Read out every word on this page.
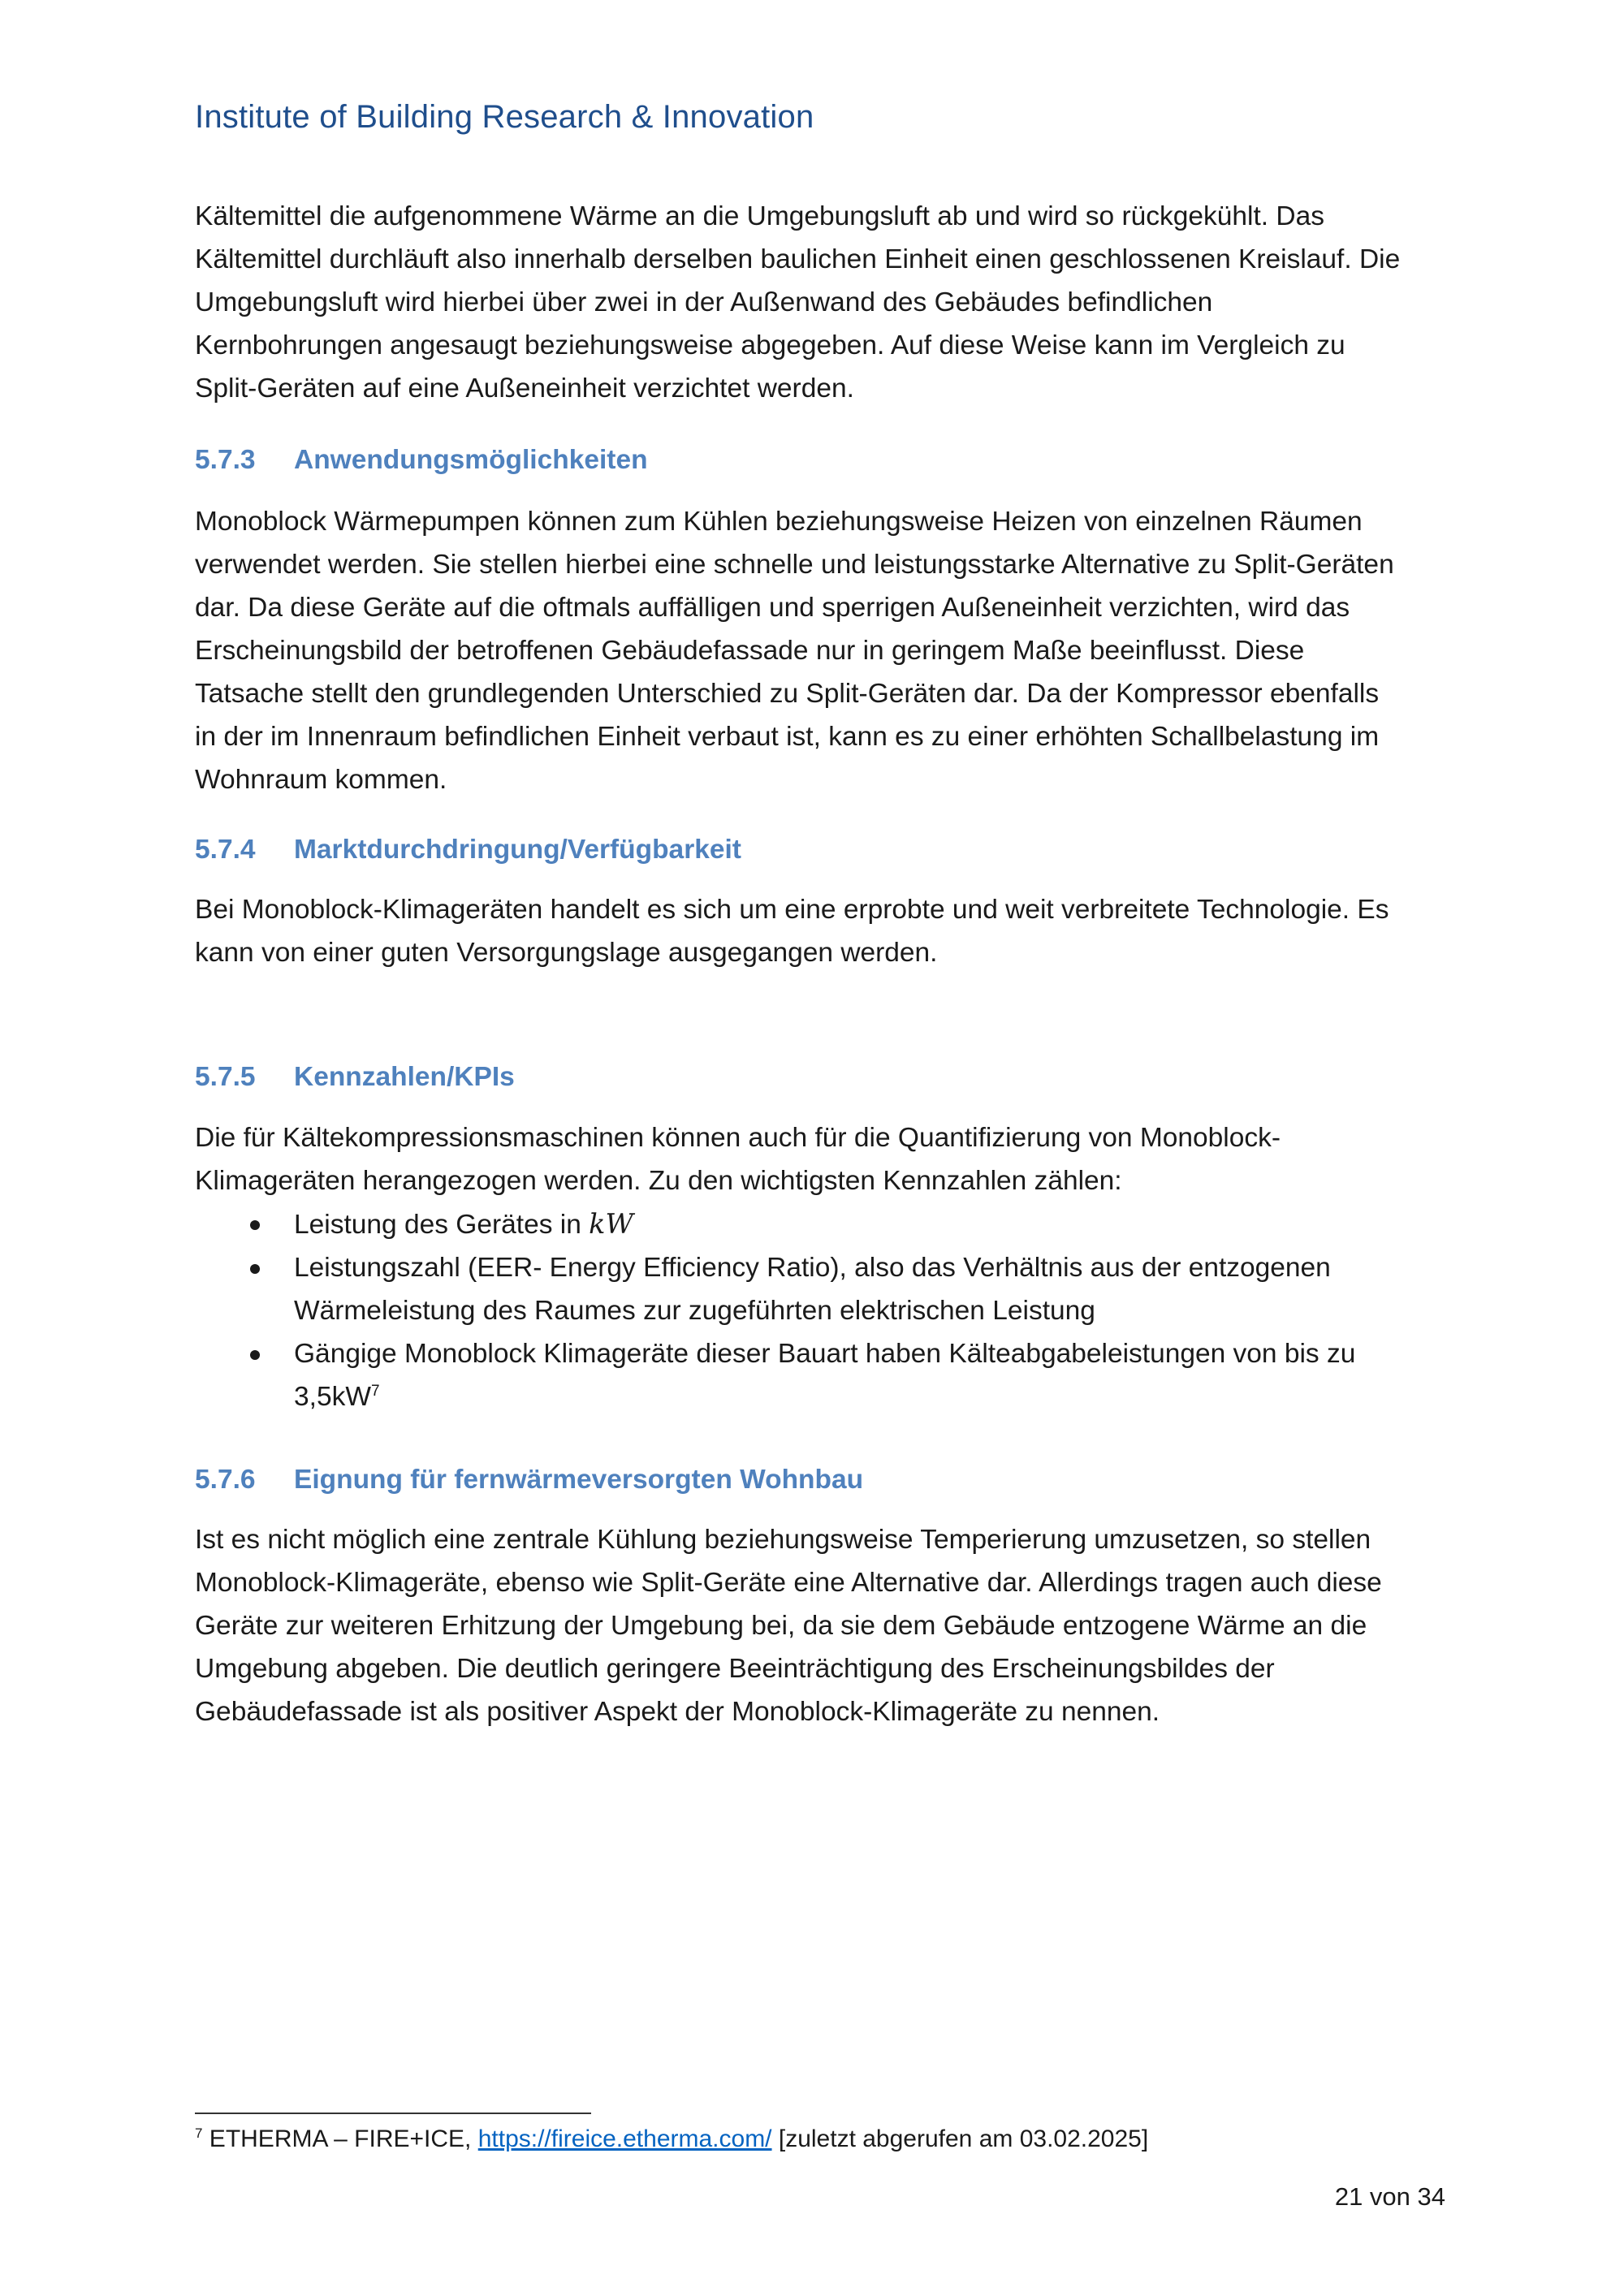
Institute of Building Research & Innovation
Kältemittel die aufgenommene Wärme an die Umgebungsluft ab und wird so rückgekühlt. Das
Kältemittel durchläuft also innerhalb derselben baulichen Einheit einen geschlossenen Kreislauf. Die
Umgebungsluft wird hierbei über zwei in der Außenwand des Gebäudes befindlichen
Kernbohrungen angesaugt beziehungsweise abgegeben. Auf diese Weise kann im Vergleich zu
Split-Geräten auf eine Außeneinheit verzichtet werden.
5.7.3 Anwendungsmöglichkeiten
Monoblock Wärmepumpen können zum Kühlen beziehungsweise Heizen von einzelnen Räumen
verwendet werden. Sie stellen hierbei eine schnelle und leistungsstarke Alternative zu Split-Geräten
dar. Da diese Geräte auf die oftmals auffälligen und sperrigen Außeneinheit verzichten, wird das
Erscheinungsbild der betroffenen Gebäudefassade nur in geringem Maße beeinflusst. Diese
Tatsache stellt den grundlegenden Unterschied zu Split-Geräten dar. Da der Kompressor ebenfalls
in der im Innenraum befindlichen Einheit verbaut ist, kann es zu einer erhöhten Schallbelastung im
Wohnraum kommen.
5.7.4 Marktdurchdringung/Verfügbarkeit
Bei Monoblock-Klimageräten handelt es sich um eine erprobte und weit verbreitete Technologie. Es
kann von einer guten Versorgungslage ausgegangen werden.
5.7.5 Kennzahlen/KPIs
Die für Kältekompressionsmaschinen können auch für die Quantifizierung von Monoblock-
Klimageräten herangezogen werden. Zu den wichtigsten Kennzahlen zählen:
Leistung des Gerätes in kW
Leistungszahl (EER- Energy Efficiency Ratio), also das Verhältnis aus der entzogenen
Wärmeleistung des Raumes zur zugeführten elektrischen Leistung
Gängige Monoblock Klimageräte dieser Bauart haben Kälteabgabeleistungen von bis zu
3,5kW$^7$
5.7.6 Eignung für fernwärmeversorgten Wohnbau
Ist es nicht möglich eine zentrale Kühlung beziehungsweise Temperierung umzusetzen, so stellen
Monoblock-Klimageräte, ebenso wie Split-Geräte eine Alternative dar. Allerdings tragen auch diese
Geräte zur weiteren Erhitzung der Umgebung bei, da sie dem Gebäude entzogene Wärme an die
Umgebung abgeben. Die deutlich geringere Beeinträchtigung des Erscheinungsbildes der
Gebäudefassade ist als positiver Aspekt der Monoblock-Klimageräte zu nennen.
$^7$ ETHERMA – FIRE+ICE, https://fireice.etherma.com/ [zuletzt abgerufen am 03.02.2025]
21 von 34
